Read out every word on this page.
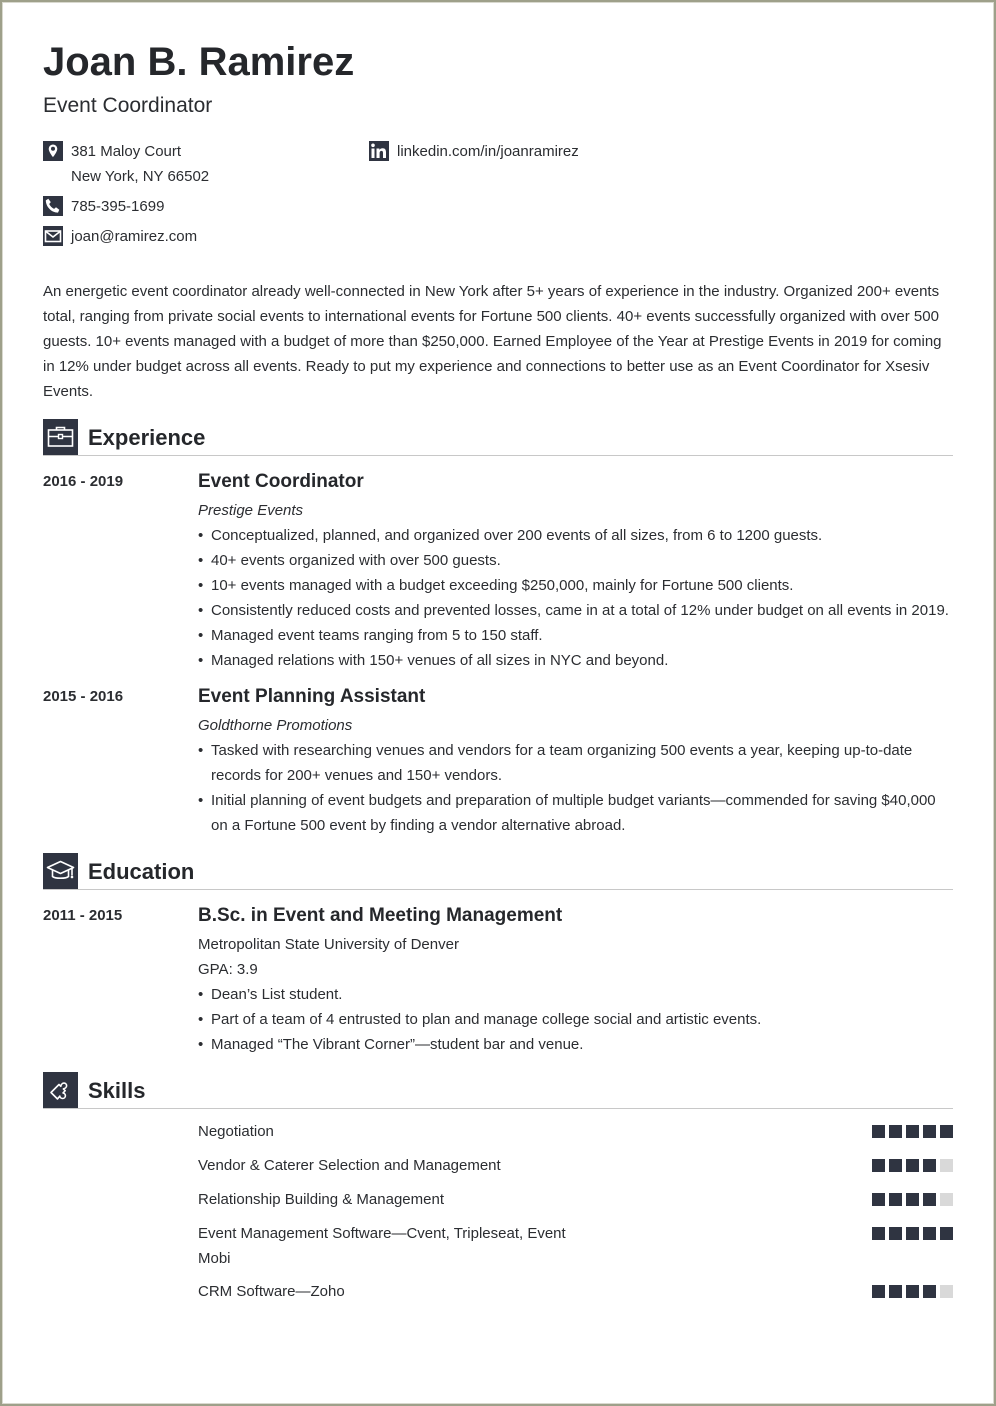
Joan B. Ramirez
Event Coordinator
381 Maloy Court
New York, NY 66502
linkedin.com/in/joanramirez
785-395-1699
joan@ramirez.com

An energetic event coordinator already well-connected in New York after 5+ years of experience in the industry. Organized 200+ events total, ranging from private social events to international events for Fortune 500 clients. 40+ events successfully organized with over 500 guests. 10+ events managed with a budget of more than $250,000. Earned Employee of the Year at Prestige Events in 2019 for coming in 12% under budget across all events. Ready to put my experience and connections to better use as an Event Coordinator for Xsesiv Events.

Experience
2016 - 2019	Event Coordinator
Prestige Events
• Conceptualized, planned, and organized over 200 events of all sizes, from 6 to 1200 guests.
• 40+ events organized with over 500 guests.
• 10+ events managed with a budget exceeding $250,000, mainly for Fortune 500 clients.
• Consistently reduced costs and prevented losses, came in at a total of 12% under budget on all events in 2019.
• Managed event teams ranging from 5 to 150 staff.
• Managed relations with 150+ venues of all sizes in NYC and beyond.
2015 - 2016	Event Planning Assistant
Goldthorne Promotions
• Tasked with researching venues and vendors for a team organizing 500 events a year, keeping up-to-date records for 200+ venues and 150+ vendors.
• Initial planning of event budgets and preparation of multiple budget variants—commended for saving $40,000 on a Fortune 500 event by finding a vendor alternative abroad.
Education
2011 - 2015	B.Sc. in Event and Meeting Management
Metropolitan State University of Denver
GPA: 3.9
• Dean’s List student.
• Part of a team of 4 entrusted to plan and manage college social and artistic events.
• Managed “The Vibrant Corner”—student bar and venue.
Skills
Negotiation
Vendor & Caterer Selection and Management
Relationship Building & Management
Event Management Software—Cvent, Tripleseat, Event Mobi
CRM Software—Zoho
